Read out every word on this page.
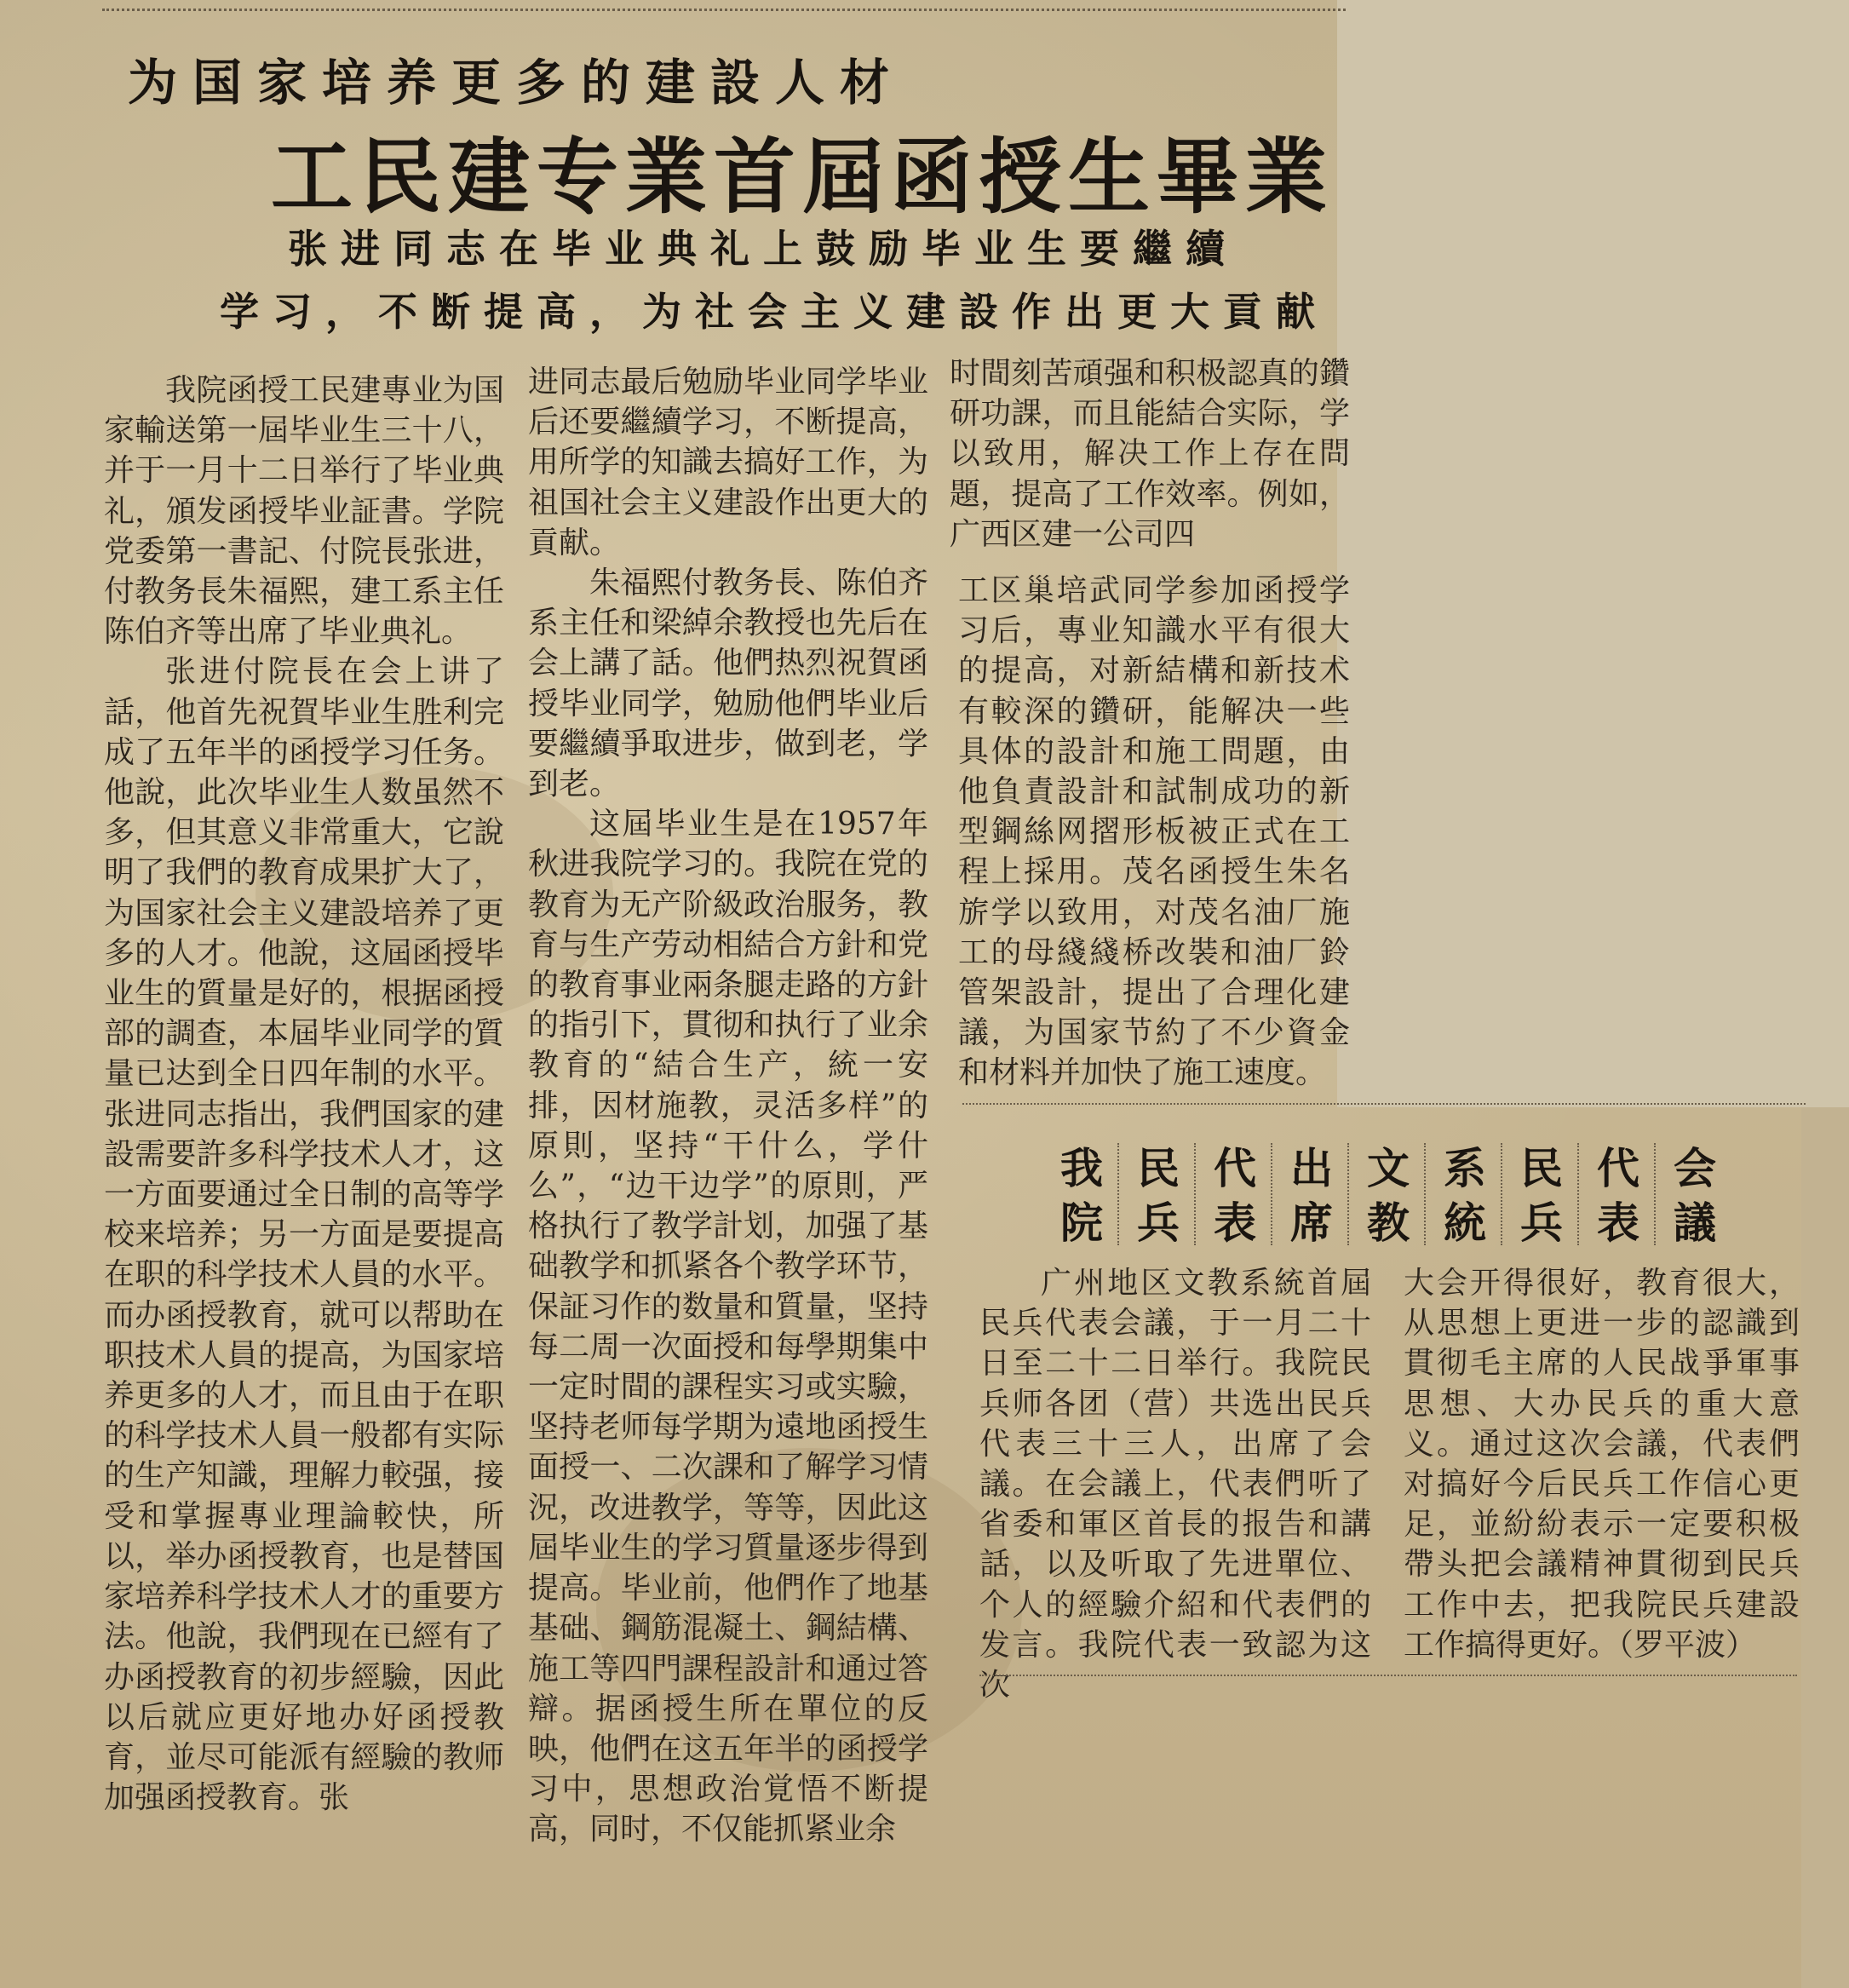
为国家培养更多的建設人材
工民建专業首屆函授生畢業
张进同志在毕业典礼上鼓励毕业生要繼續
学习，不断提高，为社会主义建設作出更大貢献

我院函授工民建專业为国家輸送第一屆毕业生三十八，并于一月十二日举行了毕业典礼，頒发函授毕业証書。学院党委第一書記、付院長张进，付教务長朱福熙，建工系主任陈伯齐等出席了毕业典礼。

张进付院長在会上讲了話，他首先祝賀毕业生胜利完成了五年半的函授学习任务。他說，此次毕业生人数虽然不多，但其意义非常重大，它說明了我們的教育成果扩大了，为国家社会主义建設培养了更多的人才。他說，这屆函授毕业生的質量是好的，根据函授部的調查，本屆毕业同学的質量已达到全日四年制的水平。张进同志指出，我們国家的建設需要許多科学技术人才，这一方面要通过全日制的高等学校来培养；另一方面是要提高在职的科学技术人員的水平。而办函授教育，就可以帮助在职技术人員的提高，为国家培养更多的人才，而且由于在职的科学技术人員一般都有实际的生产知識，理解力較强，接受和掌握專业理論較快，所以，举办函授教育，也是替国家培养科学技术人才的重要方法。他說，我們现在已經有了办函授教育的初步經驗，因此以后就应更好地办好函授教育，並尽可能派有經驗的教师加强函授教育。张

进同志最后勉励毕业同学毕业后还要繼續学习，不断提高，用所学的知識去搞好工作，为祖国社会主义建設作出更大的貢献。

朱福熙付教务長、陈伯齐系主任和梁綽余教授也先后在会上講了話。他們热烈祝賀函授毕业同学，勉励他們毕业后要繼續爭取进步，做到老，学到老。

这屆毕业生是在1957年秋进我院学习的。我院在党的教育为无产阶級政治服务，教育与生产劳动相結合方針和党的教育事业兩条腿走路的方針的指引下，貫彻和执行了业余教育的“結合生产，統一安排，因材施教，灵活多样”的原則，坚持“干什么，学什么”，“边干边学”的原則，严格执行了教学計划，加强了基础教学和抓紧各个教学环节，保証习作的数量和質量，坚持每二周一次面授和每學期集中一定时間的課程实习或实驗，坚持老师每学期为遠地函授生面授一、二次課和了解学习情況，改进教学，等等，因此这屆毕业生的学习質量逐步得到提高。毕业前，他們作了地基基础、鋼筋混凝土、鋼結構、施工等四門課程設計和通过答辯。据函授生所在單位的反映，他們在这五年半的函授学习中，思想政治覚悟不断提高，同时，不仅能抓紧业余

时間刻苦頑强和积极認真的鑽研功課，而且能結合实际，学以致用，解决工作上存在問題，提高了工作效率。例如，广西区建一公司四

工区巢培武同学参加函授学习后，專业知識水平有很大的提高，对新結構和新技术有較深的鑽研，能解决一些具体的設計和施工問題，由他負責設計和試制成功的新型鋼絲网摺形板被正式在工程上採用。茂名函授生朱名旂学以致用，对茂名油厂施工的母綫綫桥改裝和油厂鈴管架設計，提出了合理化建議，为国家节約了不少資金和材料并加快了施工速度。

我院
民兵
代表
出席
文教
系統
民兵
代表
会議

广州地区文教系統首屆民兵代表会議，于一月二十日至二十二日举行。我院民兵师各团（营）共选出民兵代表三十三人，出席了会議。在会議上，代表們听了省委和軍区首長的报告和講話，以及听取了先进單位、个人的經驗介紹和代表們的发言。我院代表一致認为这次

大会开得很好，教育很大，从思想上更进一步的認識到貫彻毛主席的人民战爭軍事思想、大办民兵的重大意义。通过这次会議，代表們对搞好今后民兵工作信心更足，並紛紛表示一定要积极帶头把会議精神貫彻到民兵工作中去，把我院民兵建設工作搞得更好。（罗平波）
